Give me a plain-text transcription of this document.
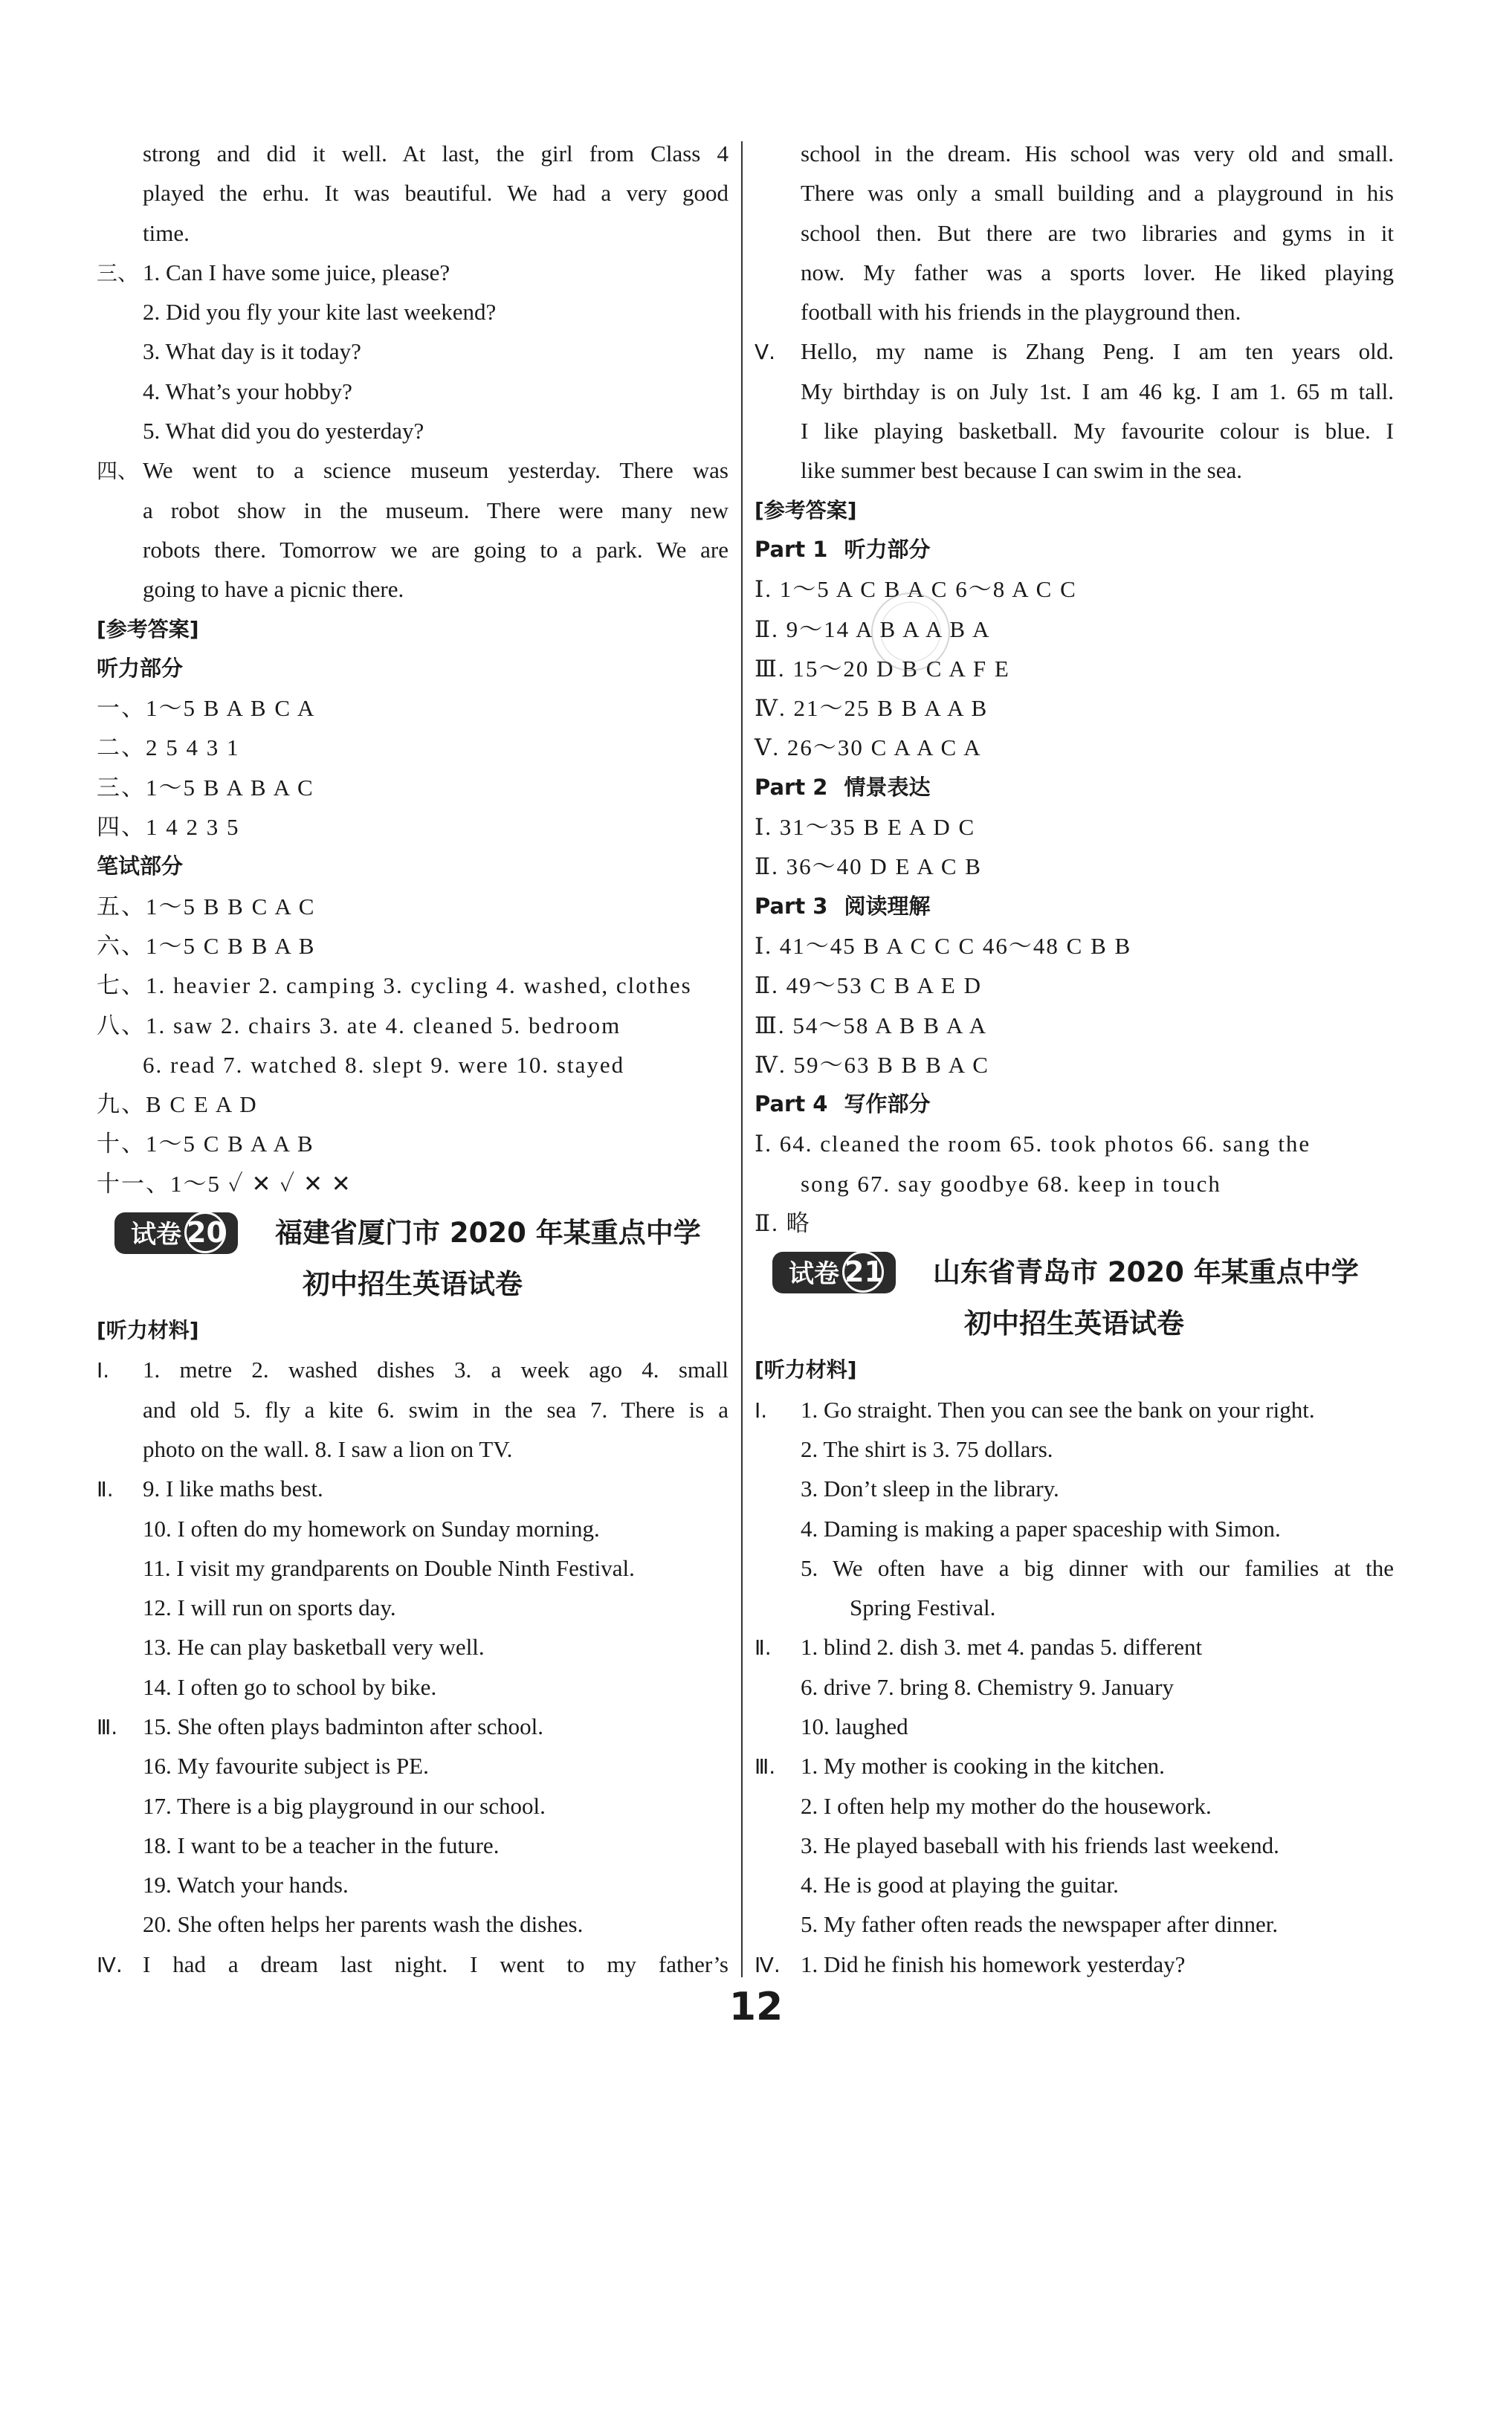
strong and did it well. At last, the girl from Class 4
played the erhu. It was beautiful. We had a very good
time.
三、 1. Can I have some juice, please?
2. Did you fly your kite last weekend?
3. What day is it today?
4. What’s your hobby?
5. What did you do yesterday?
四、We went to a science museum yesterday. There was
a robot show in the museum. There were many new
robots there. Tomorrow we are going to a park. We are
going to have a picnic there.
[参考答案]
听力部分
一、1～5 B A B C A
二、2 5 4 3 1
三、1～5 B A B A C
四、1 4 2 3 5
笔试部分
五、1～5 B B C A C
六、1～5 C B B A B
七、1. heavier 2. camping 3. cycling 4. washed, clothes
八、1. saw 2. chairs 3. ate 4. cleaned 5. bedroom
6. read 7. watched 8. slept 9. were 10. stayed
九、B C E A D
十、1～5 C B A A B
十一、1～5 ✓ ✕ ✓ ✕ ✕
试卷 20	福建省厦门市 2020 年某重点中学
初中招生英语试卷
[听力材料]
Ⅰ. 1. metre 2. washed dishes 3. a week ago 4. small
and old 5. fly a kite 6. swim in the sea 7. There is a
photo on the wall. 8. I saw a lion on TV.
Ⅱ. 9. I like maths best.
10. I often do my homework on Sunday morning.
11. I visit my grandparents on Double Ninth Festival.
12. I will run on sports day.
13. He can play basketball very well.
14. I often go to school by bike.
Ⅲ. 15. She often plays badminton after school.
16. My favourite subject is PE.
17. There is a big playground in our school.
18. I want to be a teacher in the future.
19. Watch your hands.
20. She often helps her parents wash the dishes.
Ⅳ.I had a dream last night. I went to my father’s
school in the dream. His school was very old and small.
There was only a small building and a playground in his
school then. But there are two libraries and gyms in it
now. My father was a sports lover. He liked playing
football with his friends in the playground then.
Ⅴ.Hello, my name is Zhang Peng. I am ten years old.
My birthday is on July 1st. I am 46 kg. I am 1. 65 m tall.
I like playing basketball. My favourite colour is blue. I
like summer best because I can swim in the sea.
[参考答案]
Part 1 听力部分
Ⅰ. 1～5 A C B A C 6～8 A C C
Ⅱ. 9～14 A B A A B A
Ⅲ. 15～20 D B C A F E
Ⅳ. 21～25 B B A A B
Ⅴ. 26～30 C A A C A
Part 2 情景表达
Ⅰ. 31～35 B E A D C
Ⅱ. 36～40 D E A C B
Part 3 阅读理解
Ⅰ. 41～45 B A C C C 46～48 C B B
Ⅱ. 49～53 C B A E D
Ⅲ. 54～58 A B B A A
Ⅳ. 59～63 B B B A C
Part 4 写作部分
Ⅰ. 64. cleaned the room 65. took photos 66. sang the
song 67. say goodbye 68. keep in touch
Ⅱ. 略
试卷 21	山东省青岛市 2020 年某重点中学
初中招生英语试卷
[听力材料]
Ⅰ. 1. Go straight. Then you can see the bank on your right.
2. The shirt is 3. 75 dollars.
3. Don’t sleep in the library.
4. Daming is making a paper spaceship with Simon.
5. We often have a big dinner with our families at the
Spring Festival.
Ⅱ. 1. blind 2. dish 3. met 4. pandas 5. different
6. drive 7. bring 8. Chemistry 9. January
10. laughed
Ⅲ. 1. My mother is cooking in the kitchen.
2. I often help my mother do the housework.
3. He played baseball with his friends last weekend.
4. He is good at playing the guitar.
5. My father often reads the newspaper after dinner.
Ⅳ. 1. Did he finish his homework yesterday?
12
